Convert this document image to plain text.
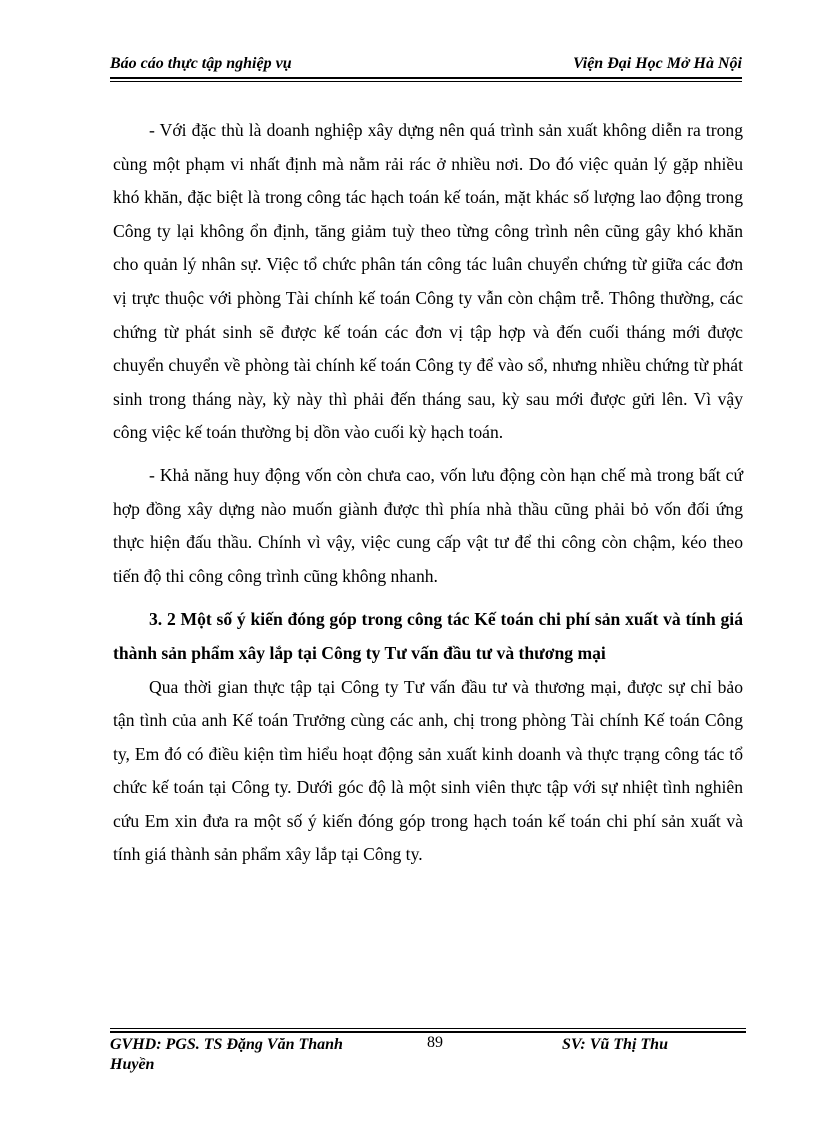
Báo cáo thực tập nghiệp vụ	Viện Đại Học Mở Hà Nội

- Với đặc thù là doanh nghiệp xây dựng nên quá trình sản xuất không diễn ra trong cùng một phạm vi nhất định mà nằm rải rác ở nhiều nơi. Do đó việc quản lý gặp nhiều khó khăn, đặc biệt là trong công tác hạch toán kế toán, mặt khác số lượng lao động trong Công ty lại không ổn định, tăng giảm tuỳ theo từng công trình nên cũng gây khó khăn cho quản lý nhân sự. Việc tổ chức phân tán công tác luân chuyển chứng từ giữa các đơn vị trực thuộc với phòng Tài chính kế toán Công ty vẫn còn chậm trễ. Thông thường, các chứng từ phát sinh sẽ được kế toán các đơn vị tập hợp và đến cuối tháng mới được chuyển chuyển về phòng tài chính kế toán Công ty để vào sổ, nhưng nhiều chứng từ phát sinh trong tháng này, kỳ này thì phải đến tháng sau, kỳ sau mới được gửi lên. Vì vậy công việc kế toán thường bị dồn vào cuối kỳ hạch toán.

- Khả năng huy động vốn còn chưa cao, vốn lưu động còn hạn chế mà trong bất cứ hợp đồng xây dựng nào muốn giành được thì phía nhà thầu cũng phải bỏ vốn đối ứng thực hiện đấu thầu. Chính vì vậy, việc cung cấp vật tư để thi công còn chậm, kéo theo tiến độ thi công công trình cũng không nhanh.

3. 2 Một số ý kiến đóng góp trong công tác Kế toán chi phí sản xuất và tính giá thành sản phẩm xây lắp tại Công ty Tư vấn đầu tư và thương mại

Qua thời gian thực tập tại Công ty Tư vấn đầu tư và thương mại, được sự chỉ bảo tận tình của anh Kế toán Trưởng cùng các anh, chị trong phòng Tài chính Kế toán Công ty, Em đó có điều kiện tìm hiểu hoạt động sản xuất kinh doanh và thực trạng công tác tổ chức kế toán tại Công ty. Dưới góc độ là một sinh viên thực tập với sự nhiệt tình nghiên cứu Em xin đưa ra một số ý kiến đóng góp trong hạch toán kế toán chi phí sản xuất và tính giá thành sản phẩm xây lắp tại Công ty.

GVHD: PGS. TS Đặng Văn Thanh Huyền
89	SV: Vũ Thị Thu
